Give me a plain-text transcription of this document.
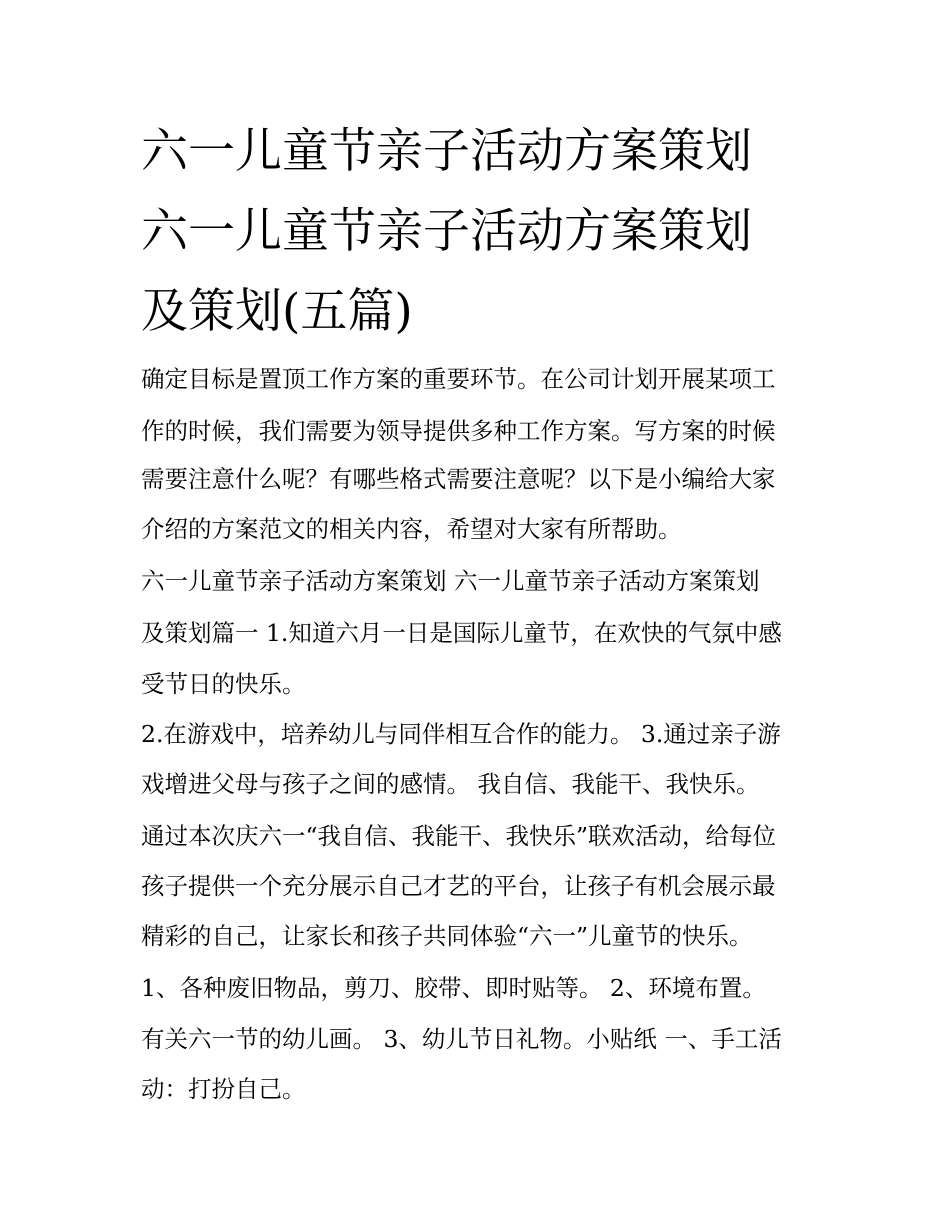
六一儿童节亲子活动方案策划
六一儿童节亲子活动方案策划
及策划(五篇)
确定目标是置顶工作方案的重要环节。在公司计划开展某项工
作的时候，我们需要为领导提供多种工作方案。写方案的时候
需要注意什么呢？有哪些格式需要注意呢？以下是小编给大家
介绍的方案范文的相关内容，希望对大家有所帮助。
六一儿童节亲子活动方案策划 六一儿童节亲子活动方案策划
及策划篇一 1.知道六月一日是国际儿童节，在欢快的气氛中感
受节日的快乐。
2.在游戏中，培养幼儿与同伴相互合作的能力。 3.通过亲子游
戏增进父母与孩子之间的感情。 我自信、我能干、我快乐。
通过本次庆六一“我自信、我能干、我快乐”联欢活动，给每位
孩子提供一个充分展示自己才艺的平台，让孩子有机会展示最
精彩的自己，让家长和孩子共同体验“六一”儿童节的快乐。
1、各种废旧物品，剪刀、胶带、即时贴等。 2、环境布置。
有关六一节的幼儿画。 3、幼儿节日礼物。小贴纸 一、手工活
动：打扮自己。
